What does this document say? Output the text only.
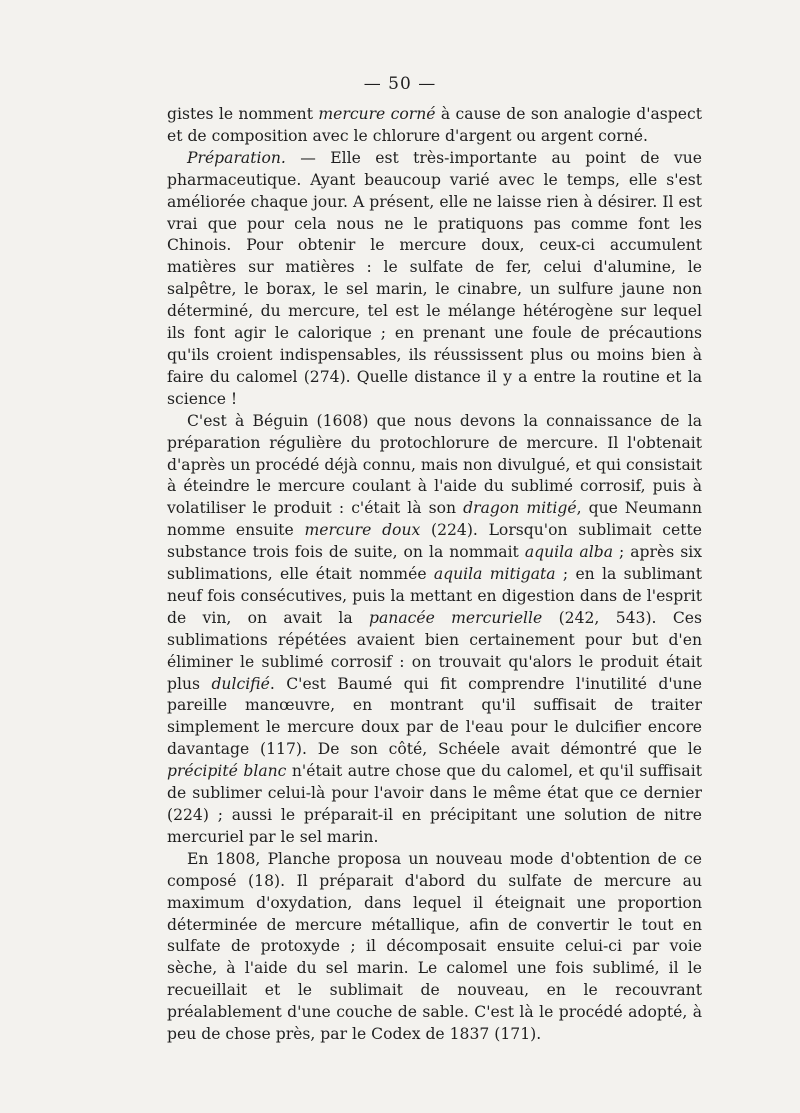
— 50 —

gistes le nomment mercure corné à cause de son analogie d'aspect et de composition avec le chlorure d'argent ou argent corné.

Préparation. — Elle est très-importante au point de vue pharmaceutique. Ayant beaucoup varié avec le temps, elle s'est améliorée chaque jour. A présent, elle ne laisse rien à désirer. Il est vrai que pour cela nous ne le pratiquons pas comme font les Chinois. Pour obtenir le mercure doux, ceux-ci accumulent matières sur matières : le sulfate de fer, celui d'alumine, le salpêtre, le borax, le sel marin, le cinabre, un sulfure jaune non déterminé, du mercure, tel est le mélange hétérogène sur lequel ils font agir le calorique ; en prenant une foule de précautions qu'ils croient indispensables, ils réussissent plus ou moins bien à faire du calomel (274). Quelle distance il y a entre la routine et la science !

C'est à Béguin (1608) que nous devons la connaissance de la préparation régulière du protochlorure de mercure. Il l'obtenait d'après un procédé déjà connu, mais non divulgué, et qui consistait à éteindre le mercure coulant à l'aide du sublimé corrosif, puis à volatiliser le produit : c'était là son dragon mitigé, que Neumann nomme ensuite mercure doux (224). Lorsqu'on sublimait cette substance trois fois de suite, on la nommait aquila alba ; après six sublimations, elle était nommée aquila mitigata ; en la sublimant neuf fois consécutives, puis la mettant en digestion dans de l'esprit de vin, on avait la panacée mercurielle (242, 543). Ces sublimations répétées avaient bien certainement pour but d'en éliminer le sublimé corrosif : on trouvait qu'alors le produit était plus dulcifié. C'est Baumé qui fit comprendre l'inutilité d'une pareille manœuvre, en montrant qu'il suffisait de traiter simplement le mercure doux par de l'eau pour le dulcifier encore davantage (117). De son côté, Schéele avait démontré que le précipité blanc n'était autre chose que du calomel, et qu'il suffisait de sublimer celui-là pour l'avoir dans le même état que ce dernier (224) ; aussi le préparait-il en précipitant une solution de nitre mercuriel par le sel marin.

En 1808, Planche proposa un nouveau mode d'obtention de ce composé (18). Il préparait d'abord du sulfate de mercure au maximum d'oxydation, dans lequel il éteignait une proportion déterminée de mercure métallique, afin de convertir le tout en sulfate de protoxyde ; il décomposait ensuite celui-ci par voie sèche, à l'aide du sel marin. Le calomel une fois sublimé, il le recueillait et le sublimait de nouveau, en le recouvrant préalablement d'une couche de sable. C'est là le procédé adopté, à peu de chose près, par le Codex de 1837 (171).
